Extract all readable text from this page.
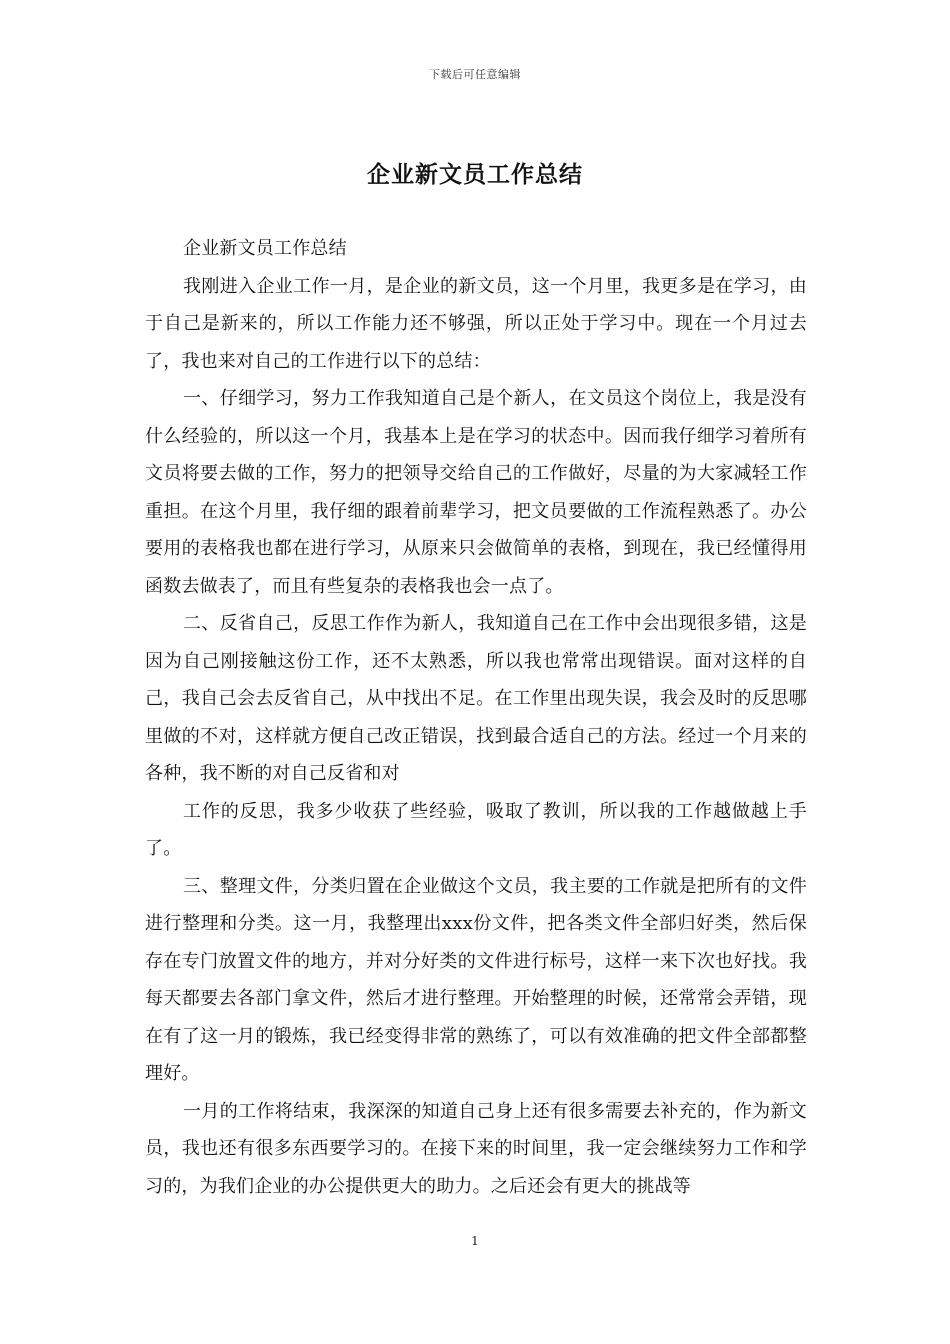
下载后可任意编辑
企业新文员工作总结

企业新文员工作总结

我刚进入企业工作一月，是企业的新文员，这一个月里，我更多是在学习，由于自己是新来的，所以工作能力还不够强，所以正处于学习中。现在一个月过去了，我也来对自己的工作进行以下的总结：

一、仔细学习，努力工作我知道自己是个新人，在文员这个岗位上，我是没有什么经验的，所以这一个月，我基本上是在学习的状态中。因而我仔细学习着所有文员将要去做的工作，努力的把领导交给自己的工作做好，尽量的为大家减轻工作重担。在这个月里，我仔细的跟着前辈学习，把文员要做的工作流程熟悉了。办公要用的表格我也都在进行学习，从原来只会做简单的表格，到现在，我已经懂得用函数去做表了，而且有些复杂的表格我也会一点了。

二、反省自己，反思工作作为新人，我知道自己在工作中会出现很多错，这是因为自己刚接触这份工作，还不太熟悉，所以我也常常出现错误。面对这样的自己，我自己会去反省自己，从中找出不足。在工作里出现失误，我会及时的反思哪里做的不对，这样就方便自己改正错误，找到最合适自己的方法。经过一个月来的各种，我不断的对自己反省和对

工作的反思，我多少收获了些经验，吸取了教训，所以我的工作越做越上手了。

三、整理文件，分类归置在企业做这个文员，我主要的工作就是把所有的文件进行整理和分类。这一月，我整理出xxx份文件，把各类文件全部归好类，然后保存在专门放置文件的地方，并对分好类的文件进行标号，这样一来下次也好找。我每天都要去各部门拿文件，然后才进行整理。开始整理的时候，还常常会弄错，现在有了这一月的锻炼，我已经变得非常的熟练了，可以有效准确的把文件全部都整理好。

一月的工作将结束，我深深的知道自己身上还有很多需要去补充的，作为新文员，我也还有很多东西要学习的。在接下来的时间里，我一定会继续努力工作和学习的，为我们企业的办公提供更大的助力。之后还会有更大的挑战等

1
